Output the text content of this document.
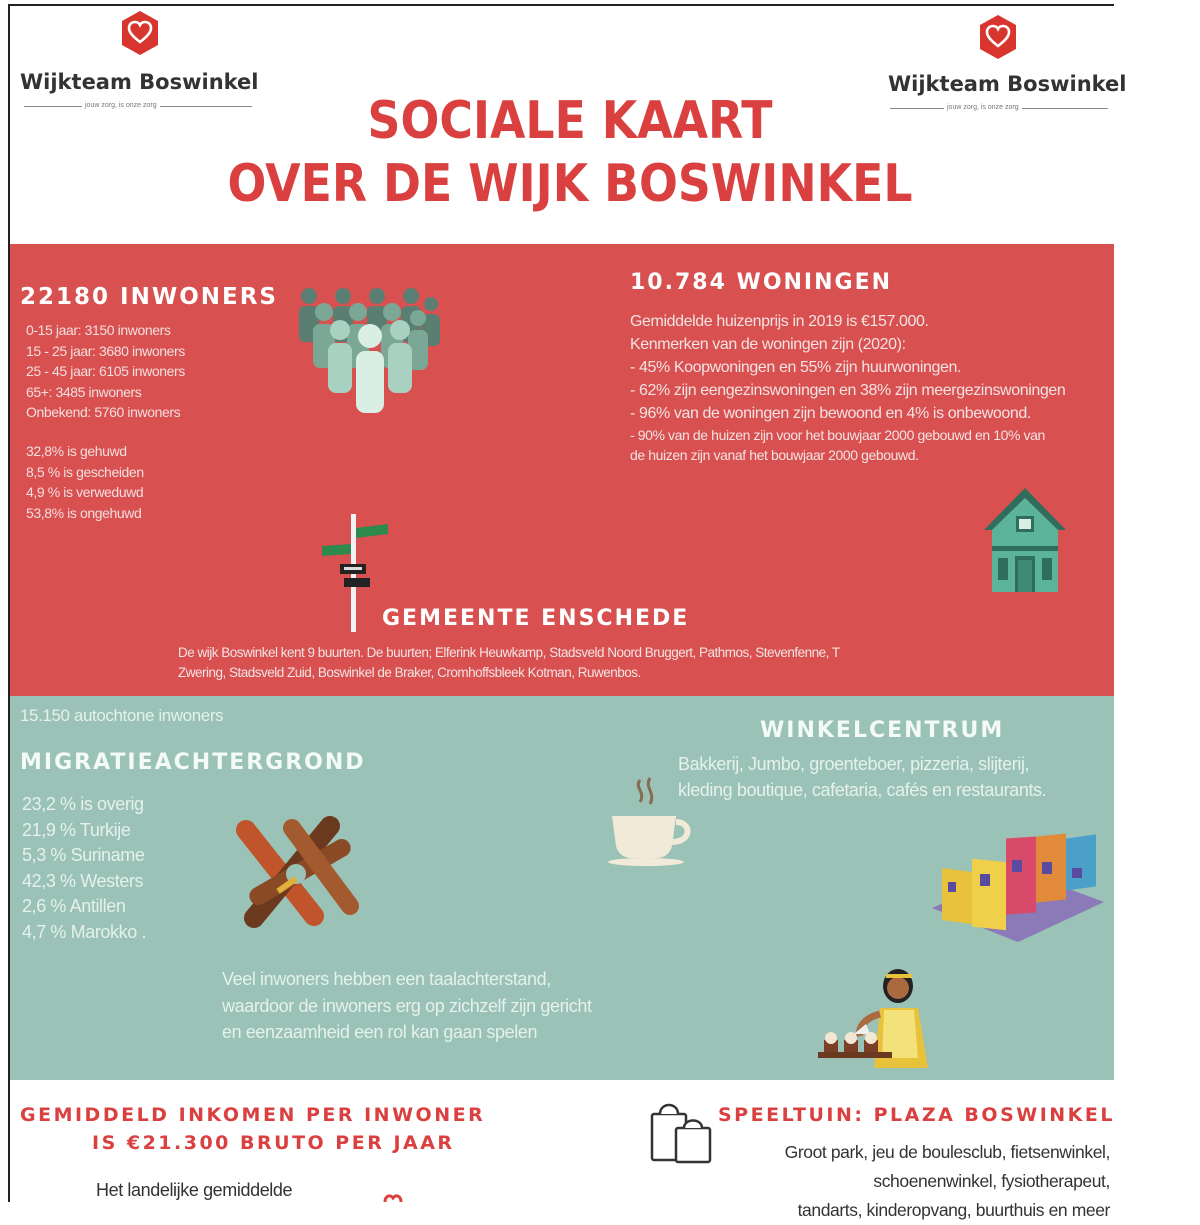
Wijkteam Boswinkel
jouw zorg, is onze zorg
Wijkteam Boswinkel
jouw zorg, is onze zorg
SOCIALE KAART
OVER DE WIJK BOSWINKEL
22180 INWONERS
0-15 jaar: 3150 inwoners
15 - 25 jaar: 3680 inwoners
25 - 45 jaar: 6105 inwoners
65+: 3485 inwoners
Onbekend: 5760 inwoners
32,8% is gehuwd
8,5 % is gescheiden
4,9 % is verweduwd
53,8% is ongehuwd
10.784 WONINGEN
Gemiddelde huizenprijs in 2019 is €157.000.
Kenmerken van de woningen zijn (2020):
- 45% Koopwoningen en 55% zijn huurwoningen.
- 62% zijn eengezinswoningen en 38% zijn meergezinswoningen
- 96% van de woningen zijn bewoond en 4% is onbewoond.
- 90% van de huizen zijn voor het bouwjaar 2000 gebouwd en 10% van
de huizen zijn vanaf het bouwjaar 2000 gebouwd.
GEMEENTE ENSCHEDE
De wijk Boswinkel kent 9 buurten. De buurten; Elferink Heuwkamp, Stadsveld Noord Bruggert, Pathmos, Stevenfenne, T
Zwering, Stadsveld Zuid, Boswinkel de Braker, Cromhoffsbleek Kotman, Ruwenbos.
15.150 autochtone inwoners
MIGRATIEACHTERGROND
23,2 % is overig
21,9 % Turkije
5,3 % Suriname
42,3 % Westers
2,6 % Antillen
4,7 % Marokko .
WINKELCENTRUM
Bakkerij, Jumbo, groenteboer, pizzeria, slijterij,
kleding boutique, cafetaria, cafés en restaurants.
Veel inwoners hebben een taalachterstand,
waardoor de inwoners erg op zichzelf zijn gericht
en eenzaamheid een rol kan gaan spelen
GEMIDDELD INKOMEN PER INWONER
IS €21.300 BRUTO PER JAAR
Het landelijke gemiddelde
SPEELTUIN: PLAZA BOSWINKEL
Groot park, jeu de boulesclub, fietsenwinkel,
schoenenwinkel, fysiotherapeut,
tandarts, kinderopvang, buurthuis en meer
